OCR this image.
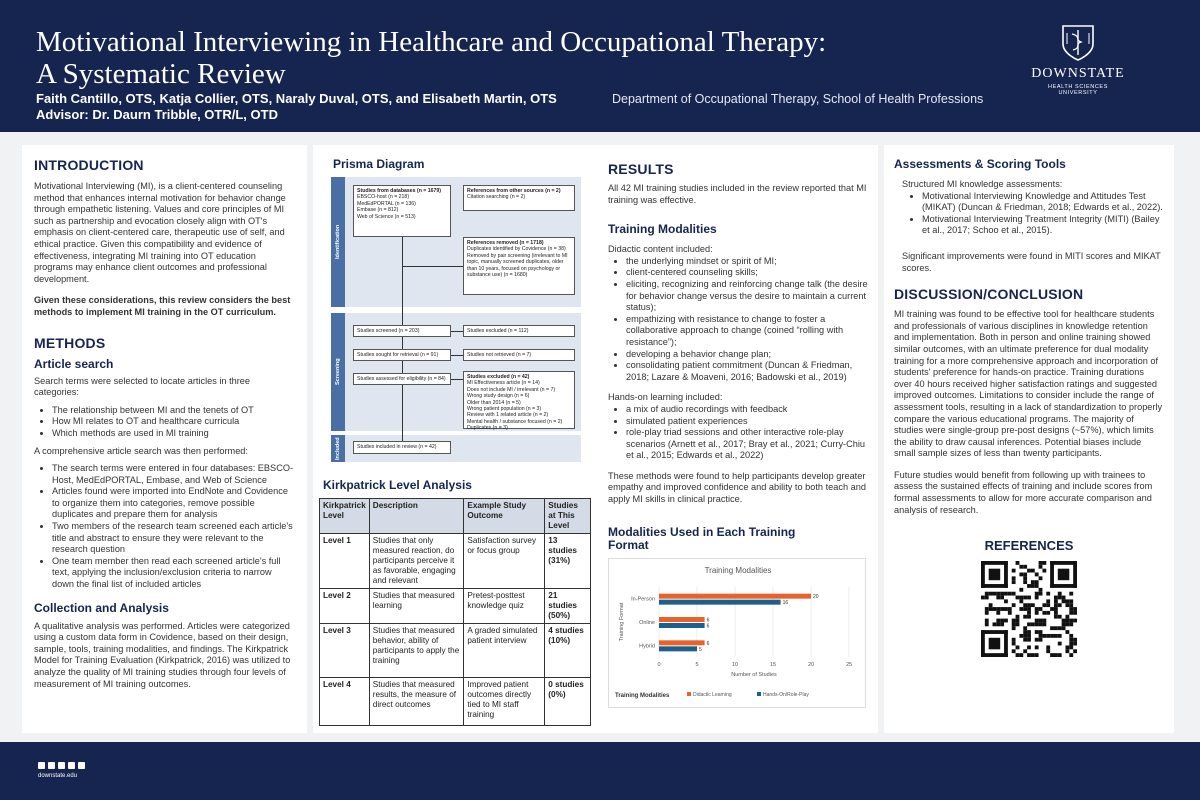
Motivational Interviewing in Healthcare and Occupational Therapy:
A Systematic Review
Faith Cantillo, OTS, Katja Collier, OTS, Naraly Duval, OTS, and Elisabeth Martin, OTS
Advisor: Dr. Daurn Tribble, OTR/L, OTD
Department of Occupational Therapy, School of Health Professions
DOWNSTATE
HEALTH SCIENCES UNIVERSITY
INTRODUCTION

Motivational Interviewing (MI), is a client-centered counseling method that enhances internal motivation for behavior change through empathetic listening. Values and core principles of MI such as partnership and evocation closely align with OT's emphasis on client-centered care, therapeutic use of self, and ethical practice. Given this compatibility and evidence of effectiveness, integrating MI training into OT education programs may enhance client outcomes and professional development.

Given these considerations, this review considers the best methods to implement MI training in the OT curriculum.

METHODS
Article search

Search terms were selected to locate articles in three categories:

• The relationship between MI and the tenets of OT
• How MI relates to OT and healthcare curricula
• Which methods are used in MI training

A comprehensive article search was then performed:

• The search terms were entered in four databases: EBSCO-Host, MedEdPORTAL, Embase, and Web of Science
• Articles found were imported into EndNote and Covidence to organize them into categories, remove possible duplicates and prepare them for analysis
• Two members of the research team screened each article's title and abstract to ensure they were relevant to the research question
• One team member then read each screened article's full text, applying the inclusion/exclusion criteria to narrow down the final list of included articles
Collection and Analysis

A qualitative analysis was performed. Articles were categorized using a custom data form in Covidence, based on their design, sample, tools, training modalities, and findings. The Kirkpatrick Model for Training Evaluation (Kirkpatrick, 2016) was utilized to analyze the quality of MI training studies through four levels of measurement of MI training outcomes.

Prisma Diagram
Identification
Screening
Included
Studies from databases (n = 1679)
EBSCO-host (n = 218)
MedEdPORTAL (n = 136)
Embase (n = 812)
Web of Science (n = 513)
References from other sources (n = 2)
Citation searching (n = 2)
References removed (n = 1718)
Duplicates identified by Covidence (n = 38)
Removed by pair screening (irrelevant to MI topic, manually screened duplicates, older than 10 years, focused on psychology or substance use) (n = 1680)
Studies screened (n = 203)	Studies excluded (n = 112)
Studies sought for retrieval (n = 91)	Studies not retrieved (n = 7)
Studies assessed for eligibility (n = 84)	Studies excluded (n = 42)
MI Effectiveness article (n = 14)
Does not include MI / irrelevant (n = 7)
Wrong study design (n = 6)
Older than 2014 (n = 5)
Wrong patient population (n = 3)
Review with 1 related article (n = 2)
Mental health / substance focused (n = 2)
Duplicates (n = 3)
Studies included in review (n = 42)
Kirkpatrick Level Analysis
Kirkpatrick Level	Description	Example Study Outcome	Studies at This Level
Level 1	Studies that only measured reaction, do participants perceive it as favorable, engaging and relevant	Satisfaction survey or focus group	13 studies (31%)
Level 2	Studies that measured learning	Pretest-posttest knowledge quiz	21 studies (50%)
Level 3	Studies that measured behavior, ability of participants to apply the training	A graded simulated patient interview	4 studies (10%)
Level 4	Studies that measured results, the measure of direct outcomes	Improved patient outcomes directly tied to MI staff training	0 studies (0%)
RESULTS

All 42 MI training studies included in the review reported that MI training was effective.

Training Modalities

Didactic content included:

• the underlying mindset or spirit of MI;
• client-centered counseling skills;
• eliciting, recognizing and reinforcing change talk (the desire for behavior change versus the desire to maintain a current status);
• empathizing with resistance to change to foster a collaborative approach to change (coined “rolling with resistance”);
• developing a behavior change plan;
• consolidating patient commitment (Duncan & Friedman, 2018; Lazare & Moaveni, 2016; Badowski et al., 2019)

Hands-on learning included:

• a mix of audio recordings with feedback
• simulated patient experiences
• role-play triad sessions and other interactive role-play scenarios (Arnett et al., 2017; Bray et al., 2021; Curry-Chiu et al., 2015; Edwards et al., 2022)

These methods were found to help participants develop greater empathy and improved confidence and ability to both teach and apply MI skills in clinical practice.

Modalities Used in Each Training Format
Training Modalities
0	5	10	15	20	25
Number of Studies
Training Format
In-Person	20
16
Online	6
6
Hybrid	6
5
Training Modalities	Didactic Learning	Hands-On/Role-Play
Assessments & Scoring Tools

Structured MI knowledge assessments:

• Motivational Interviewing Knowledge and Attitudes Test (MIKAT) (Duncan & Friedman, 2018; Edwards et al., 2022).
• Motivational Interviewing Treatment Integrity (MITI) (Bailey et al., 2017; Schoo et al., 2015).

Significant improvements were found in MITI scores and MIKAT scores.

DISCUSSION/CONCLUSION

MI training was found to be effective tool for healthcare students and professionals of various disciplines in knowledge retention and implementation. Both in person and online training showed similar outcomes, with an ultimate preference for dual modality training for a more comprehensive approach and incorporation of students' preference for hands-on practice. Training durations over 40 hours received higher satisfaction ratings and suggested improved outcomes. Limitations to consider include the range of assessment tools, resulting in a lack of standardization to properly compare the various educational programs. The majority of studies were single-group pre-post designs (~57%), which limits the ability to draw causal inferences. Potential biases include small sample sizes of less than twenty participants.

Future studies would benefit from following up with trainees to assess the sustained effects of training and include scores from formal assessments to allow for more accurate comparison and analysis of research.

REFERENCES
downstate.edu
